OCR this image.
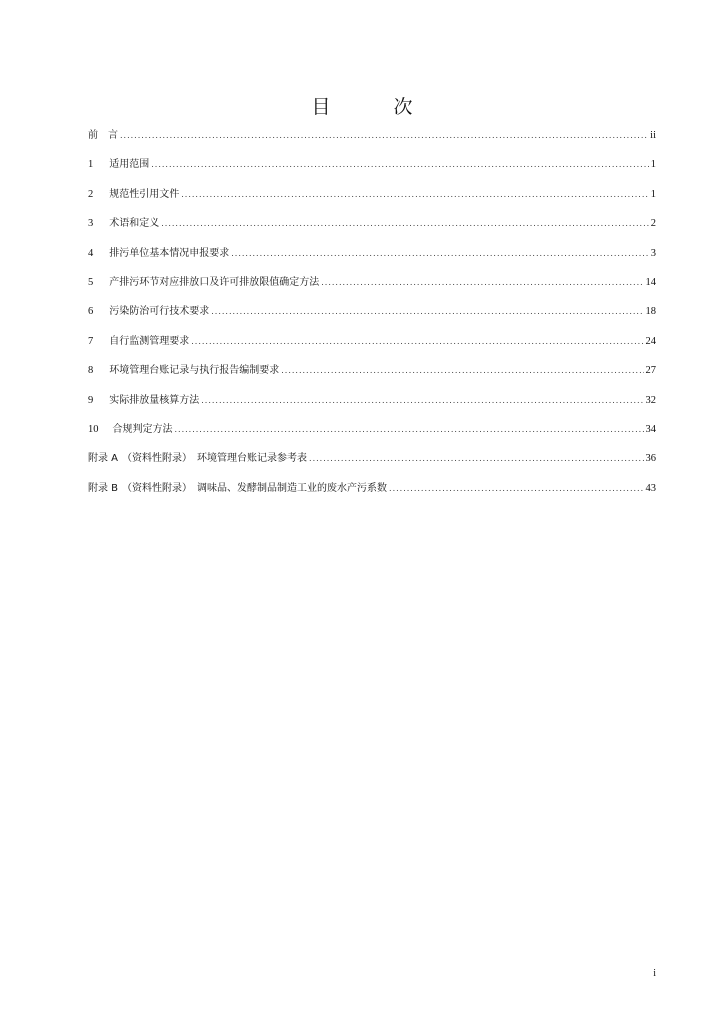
目　次
前　言 .....	ii
1 适用范围 .....	1
2 规范性引用文件 .....	1
3 术语和定义 .....	2
4 排污单位基本情况申报要求 .....	3
5 产排污环节对应排放口及许可排放限值确定方法 .....	14
6 污染防治可行技术要求 .....	18
7 自行监测管理要求 .....	24
8 环境管理台账记录与执行报告编制要求 .....	27
9 实际排放量核算方法 .....	32
10 合规判定方法 .....	34
附录 A （资料性附录）　环境管理台账记录参考表 .....	36
附录 B （资料性附录）　调味品、发酵制品制造工业的废水产污系数 .....	43
i
